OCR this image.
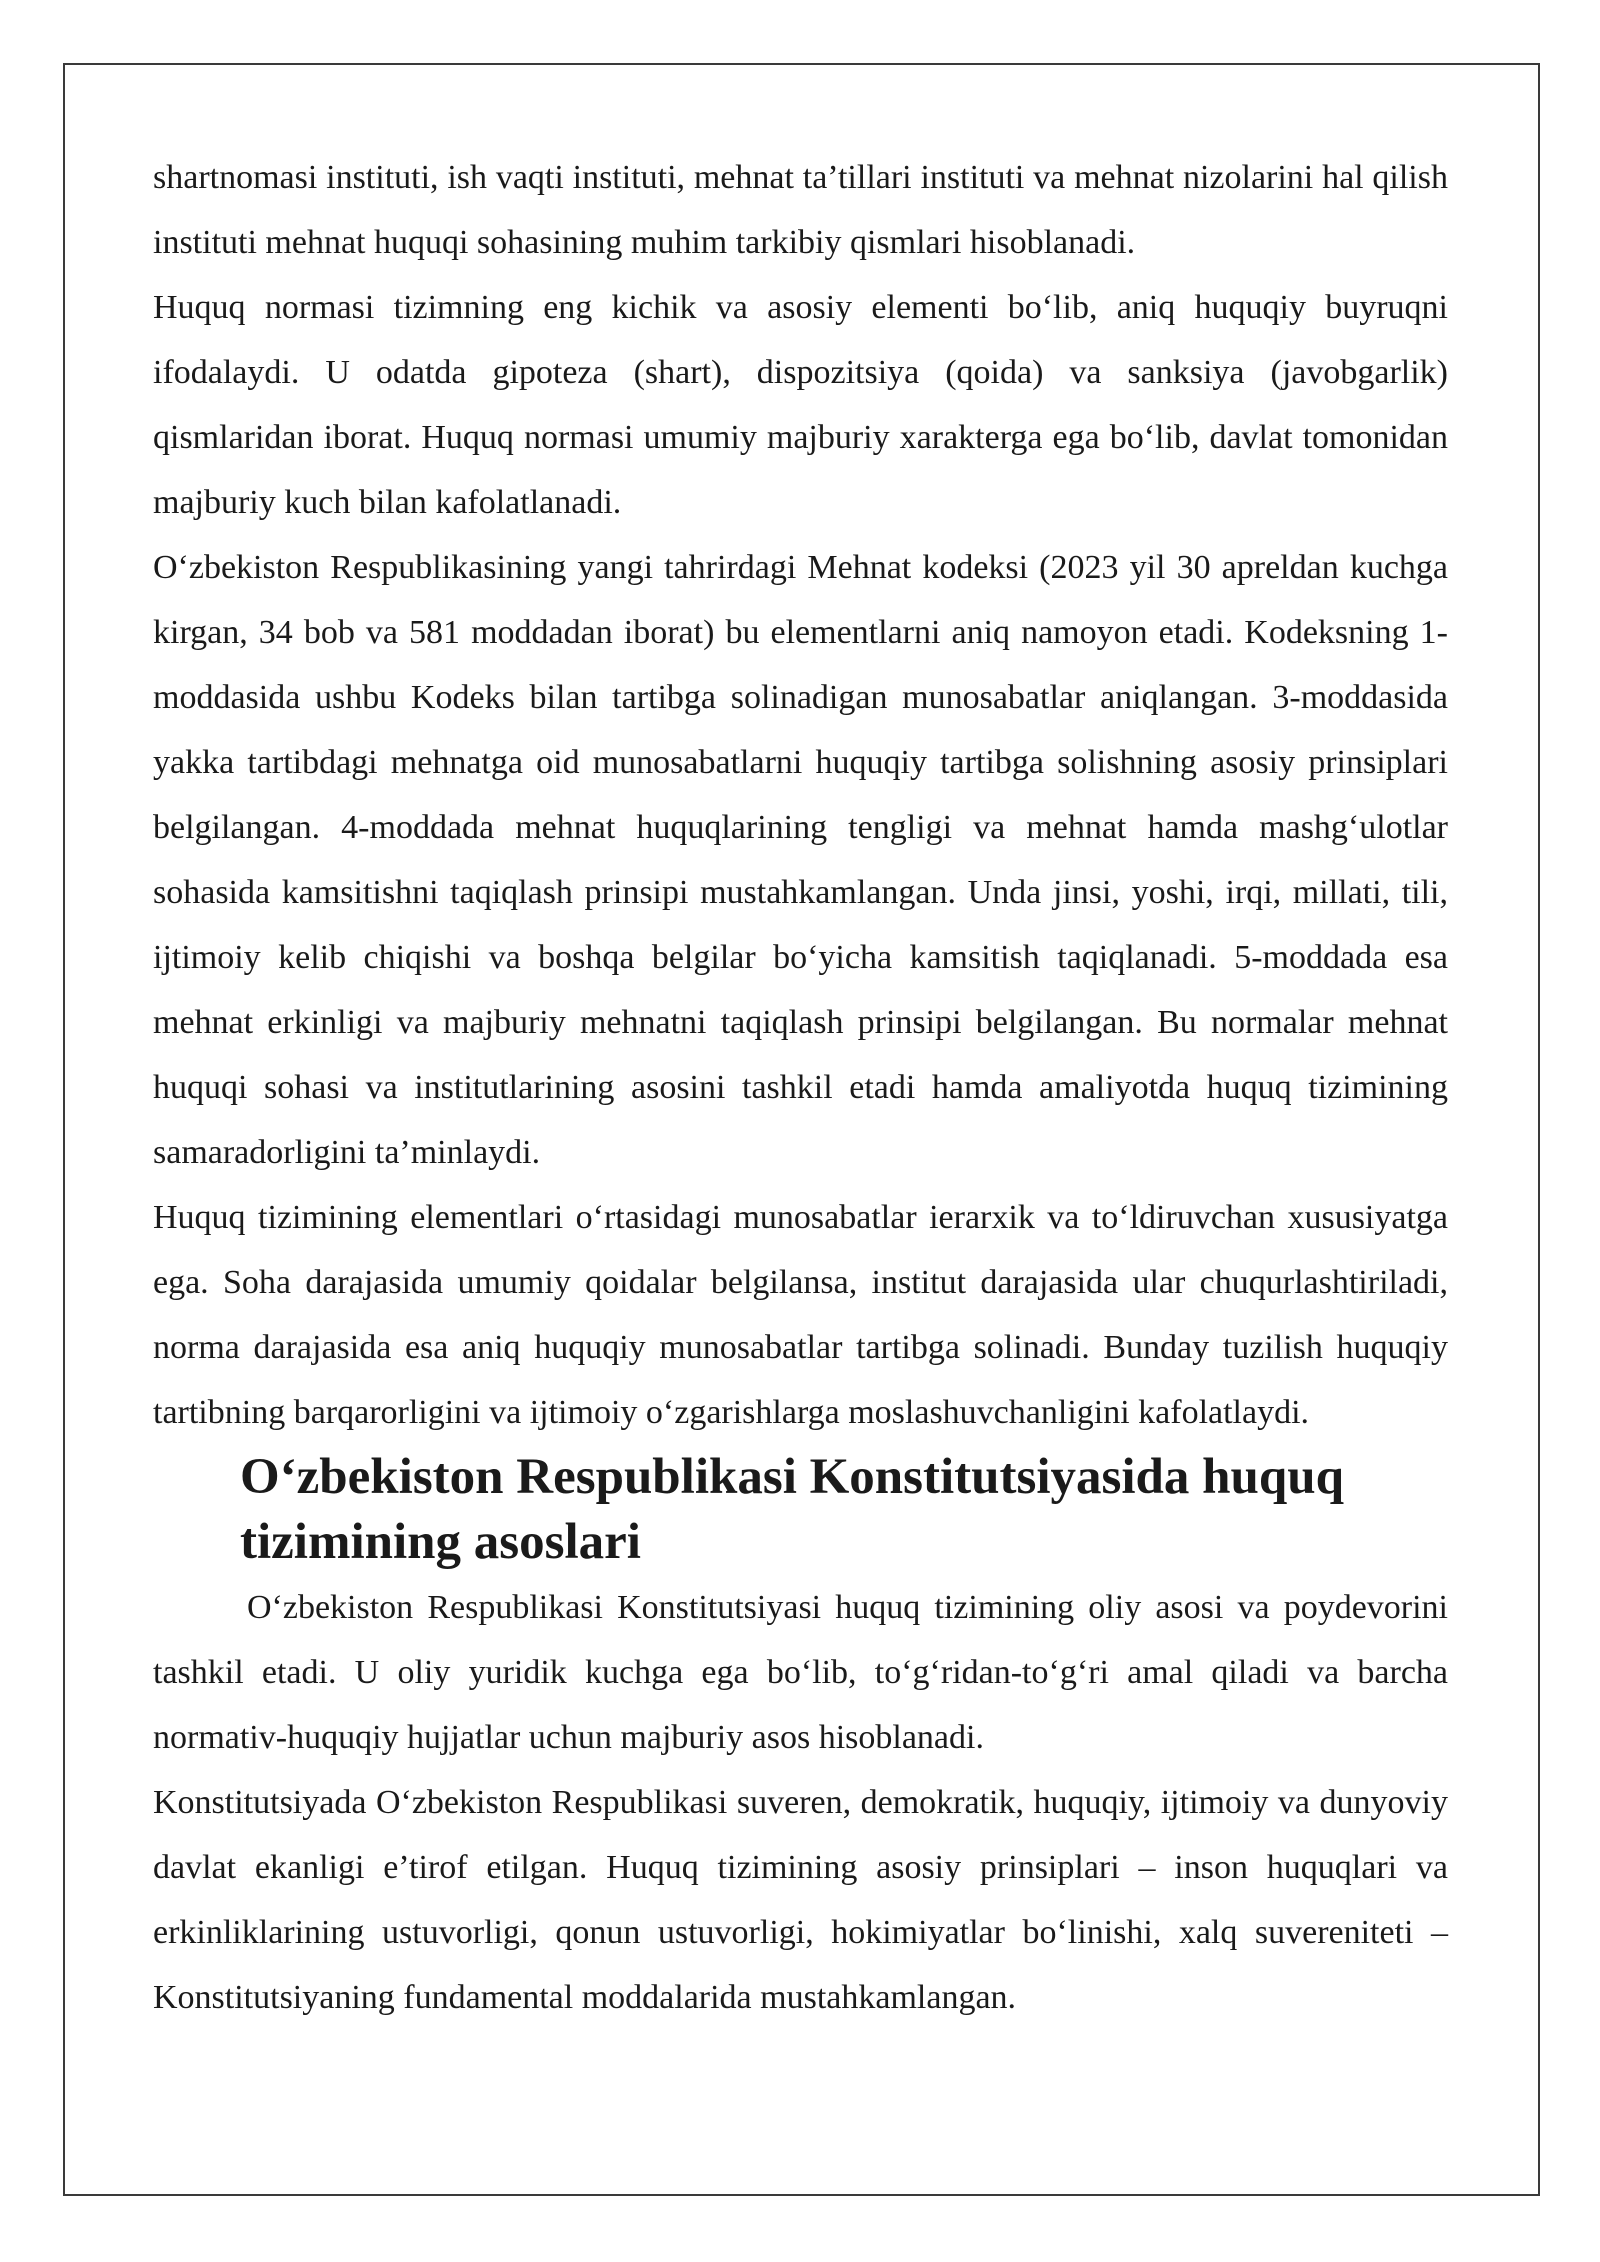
shartnomasi instituti, ish vaqti instituti, mehnat ta’tillari instituti va mehnat nizolarini hal qilish instituti mehnat huquqi sohasining muhim tarkibiy qismlari hisoblanadi.

Huquq normasi tizimning eng kichik va asosiy elementi bo‘lib, aniq huquqiy buyruqni ifodalaydi. U odatda gipoteza (shart), dispozitsiya (qoida) va sanksiya (javobgarlik) qismlaridan iborat. Huquq normasi umumiy majburiy xarakterga ega bo‘lib, davlat tomonidan majburiy kuch bilan kafolatlanadi.

O‘zbekiston Respublikasining yangi tahrirdagi Mehnat kodeksi (2023 yil 30 apreldan kuchga kirgan, 34 bob va 581 moddadan iborat) bu elementlarni aniq namoyon etadi. Kodeksning 1-moddasida ushbu Kodeks bilan tartibga solinadigan munosabatlar aniqlangan. 3-moddasida yakka tartibdagi mehnatga oid munosabatlarni huquqiy tartibga solishning asosiy prinsiplari belgilangan. 4-moddada mehnat huquqlarining tengligi va mehnat hamda mashg‘ulotlar sohasida kamsitishni taqiqlash prinsipi mustahkamlangan. Unda jinsi, yoshi, irqi, millati, tili, ijtimoiy kelib chiqishi va boshqa belgilar bo‘yicha kamsitish taqiqlanadi. 5-moddada esa mehnat erkinligi va majburiy mehnatni taqiqlash prinsipi belgilangan. Bu normalar mehnat huquqi sohasi va institutlarining asosini tashkil etadi hamda amaliyotda huquq tizimining samaradorligini ta’minlaydi.

Huquq tizimining elementlari o‘rtasidagi munosabatlar ierarxik va to‘ldiruvchan xususiyatga ega. Soha darajasida umumiy qoidalar belgilansa, institut darajasida ular chuqurlashtiriladi, norma darajasida esa aniq huquqiy munosabatlar tartibga solinadi. Bunday tuzilish huquqiy tartibning barqarorligini va ijtimoiy o‘zgarishlarga moslashuvchanligini kafolatlaydi.

O‘zbekiston Respublikasi Konstitutsiyasida huquq tizimining asoslari

O‘zbekiston Respublikasi Konstitutsiyasi huquq tizimining oliy asosi va poydevorini tashkil etadi. U oliy yuridik kuchga ega bo‘lib, to‘g‘ridan-to‘g‘ri amal qiladi va barcha normativ-huquqiy hujjatlar uchun majburiy asos hisoblanadi.

Konstitutsiyada O‘zbekiston Respublikasi suveren, demokratik, huquqiy, ijtimoiy va dunyoviy davlat ekanligi e’tirof etilgan. Huquq tizimining asosiy prinsiplari – inson huquqlari va erkinliklarining ustuvorligi, qonun ustuvorligi, hokimiyatlar bo‘linishi, xalq suvereniteti – Konstitutsiyaning fundamental moddalarida mustahkamlangan.
